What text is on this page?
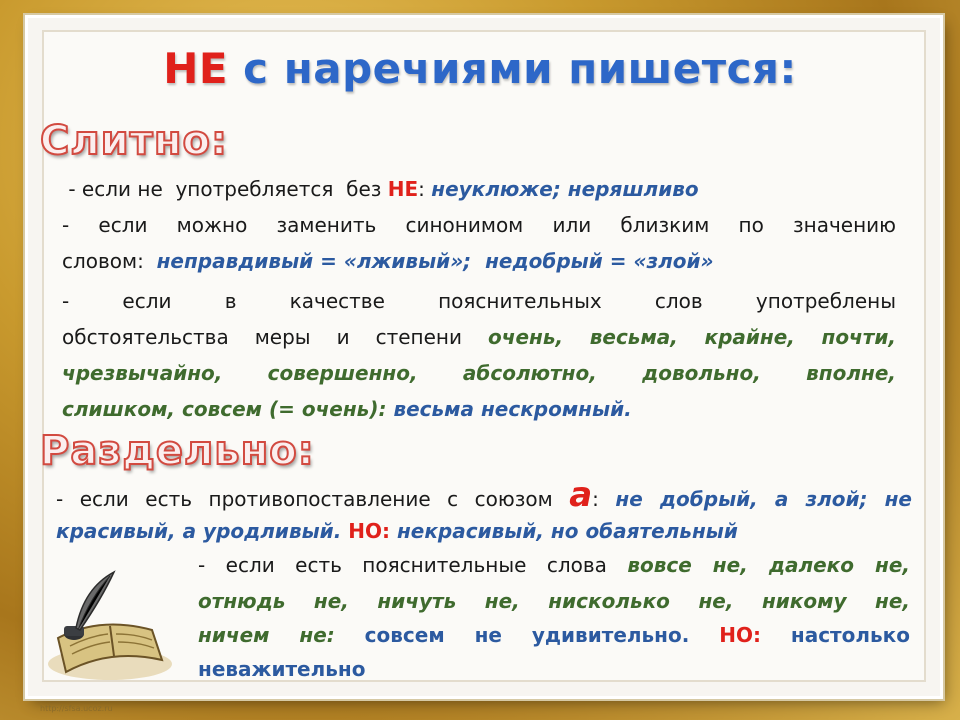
НЕ с наречиями пишется:
Слитно:
- если не  употребляется  без НЕ: неуклюже; неряшливо
- если можно заменить синонимом или близким по значению
словом:  неправдивый = «лживый»;  недобрый = «злой»
- если в качестве пояснительных слов употреблены
обстоятельства меры и степени очень, весьма, крайне, почти,
чрезвычайно, совершенно, абсолютно, довольно, вполне,
слишком, совсем (= очень): весьма нескромный.
Раздельно:
- если есть противопоставление с союзом а: не добрый, а злой; не
красивый, а уродливый. НО: некрасивый, но обаятельный
- если есть пояснительные слова вовсе не, далеко не,
отнюдь не, ничуть не, нисколько не, никому не,
ничем не: совсем не удивительно. НО: настолько
неважительно
http://sfsa.ucoz.ru
